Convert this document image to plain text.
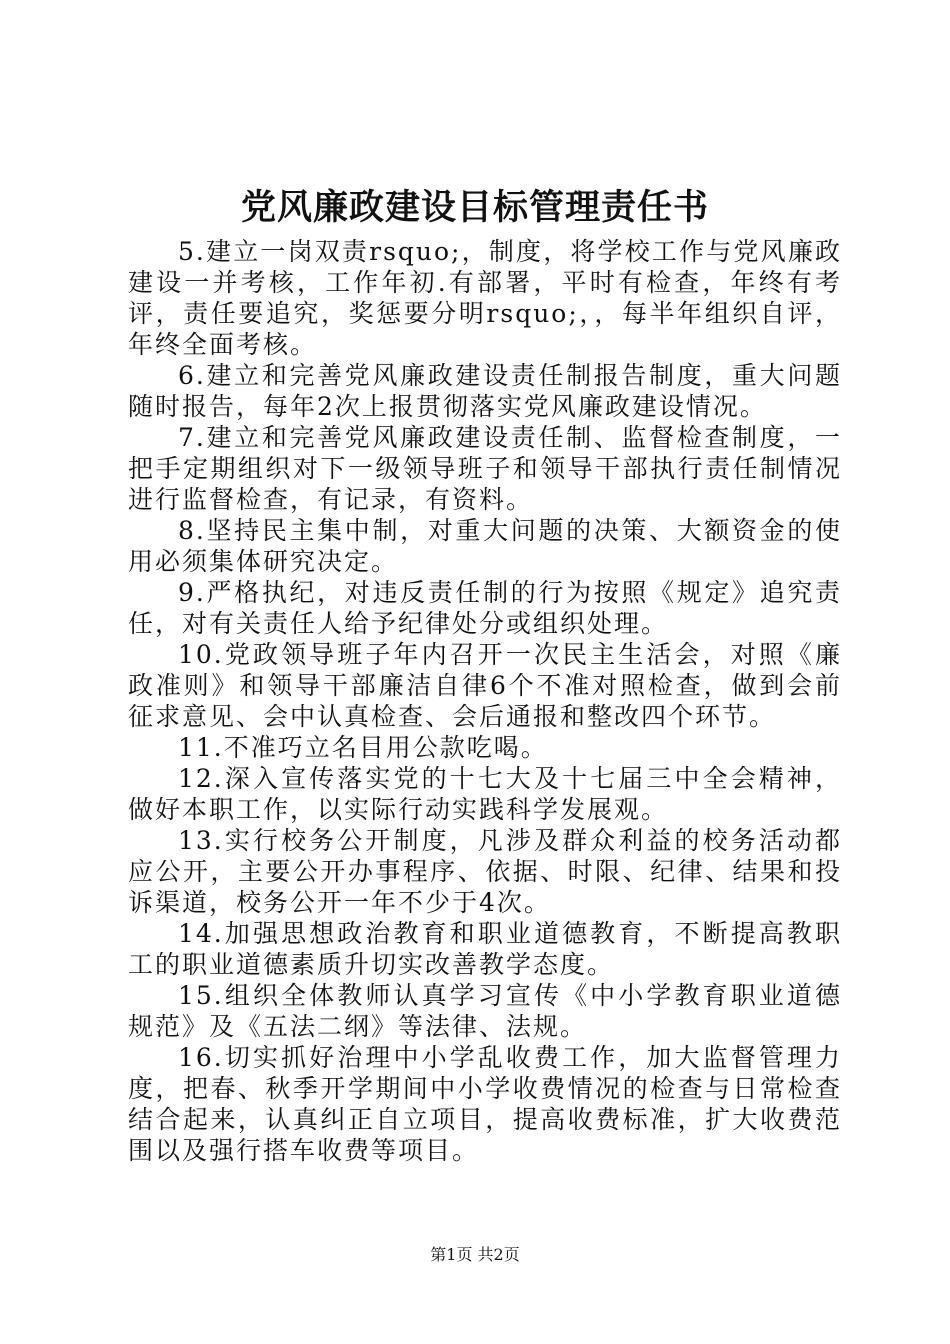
党风廉政建设目标管理责任书

5.建立一岗双责rsquo;，制度，将学校工作与党风廉政建设一并考核，工作年初.有部署，平时有检查，年终有考评，责任要追究，奖惩要分明rsquo;，，每半年组织自评，年终全面考核。

6.建立和完善党风廉政建设责任制报告制度，重大问题随时报告，每年2次上报贯彻落实党风廉政建设情况。

7.建立和完善党风廉政建设责任制、监督检查制度，一把手定期组织对下一级领导班子和领导干部执行责任制情况进行监督检查，有记录，有资料。

8.坚持民主集中制，对重大问题的决策、大额资金的使用必须集体研究决定。

9.严格执纪，对违反责任制的行为按照《规定》追究责任，对有关责任人给予纪律处分或组织处理。

10.党政领导班子年内召开一次民主生活会，对照《廉政准则》和领导干部廉洁自律6个不准对照检查，做到会前征求意见、会中认真检查、会后通报和整改四个环节。

11.不准巧立名目用公款吃喝。

12.深入宣传落实党的十七大及十七届三中全会精神，做好本职工作，以实际行动实践科学发展观。

13.实行校务公开制度，凡涉及群众利益的校务活动都应公开，主要公开办事程序、依据、时限、纪律、结果和投诉渠道，校务公开一年不少于4次。

14.加强思想政治教育和职业道德教育，不断提高教职工的职业道德素质升切实改善教学态度。

15.组织全体教师认真学习宣传《中小学教育职业道德规范》及《五法二纲》等法律、法规。

16.切实抓好治理中小学乱收费工作，加大监督管理力度，把春、秋季开学期间中小学收费情况的检查与日常检查结合起来，认真纠正自立项目，提高收费标准，扩大收费范围以及强行搭车收费等项目。

第1页 共2页
